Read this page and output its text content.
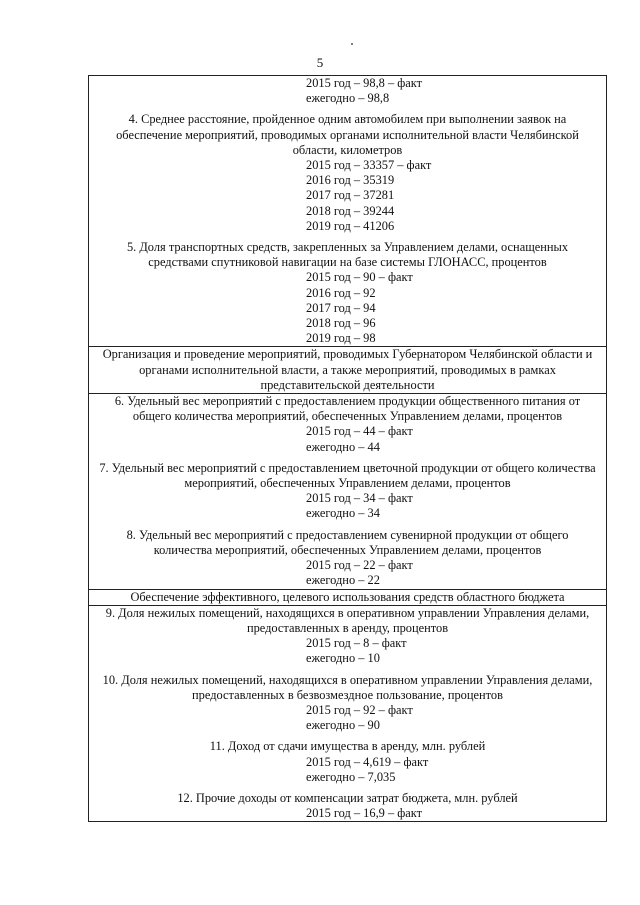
5
2015 год – 98,8 – факт
ежегодно – 98,8
4. Среднее расстояние, пройденное одним автомобилем при выполнении заявок на обеспечение мероприятий, проводимых органами исполнительной власти Челябинской области, километров
2015 год – 33357 – факт
2016 год – 35319
2017 год – 37281
2018 год – 39244
2019 год – 41206
5. Доля транспортных средств, закрепленных за Управлением делами, оснащенных средствами спутниковой навигации на базе системы ГЛОНАСС, процентов
2015 год – 90 – факт
2016 год – 92
2017 год – 94
2018 год – 96
2019 год – 98
Организация и проведение мероприятий, проводимых Губернатором Челябинской области и органами исполнительной власти, а также мероприятий, проводимых в рамках представительской деятельности
6. Удельный вес мероприятий с предоставлением продукции общественного питания от общего количества мероприятий, обеспеченных Управлением делами, процентов
2015 год – 44 – факт
ежегодно – 44
7. Удельный вес мероприятий с предоставлением цветочной продукции от общего количества мероприятий, обеспеченных Управлением делами, процентов
2015 год – 34 – факт
ежегодно – 34
8. Удельный вес мероприятий с предоставлением сувенирной продукции от общего количества мероприятий, обеспеченных Управлением делами, процентов
2015 год – 22 – факт
ежегодно – 22
Обеспечение эффективного, целевого использования средств областного бюджета
9. Доля нежилых помещений, находящихся в оперативном управлении Управления делами, предоставленных в аренду, процентов
2015 год – 8 – факт
ежегодно – 10
10. Доля нежилых помещений, находящихся в оперативном управлении Управления делами, предоставленных в безвозмездное пользование, процентов
2015 год – 92 – факт
ежегодно – 90
11. Доход от сдачи имущества в аренду, млн. рублей
2015 год – 4,619 – факт
ежегодно – 7,035
12. Прочие доходы от компенсации затрат бюджета, млн. рублей
2015 год – 16,9 – факт
